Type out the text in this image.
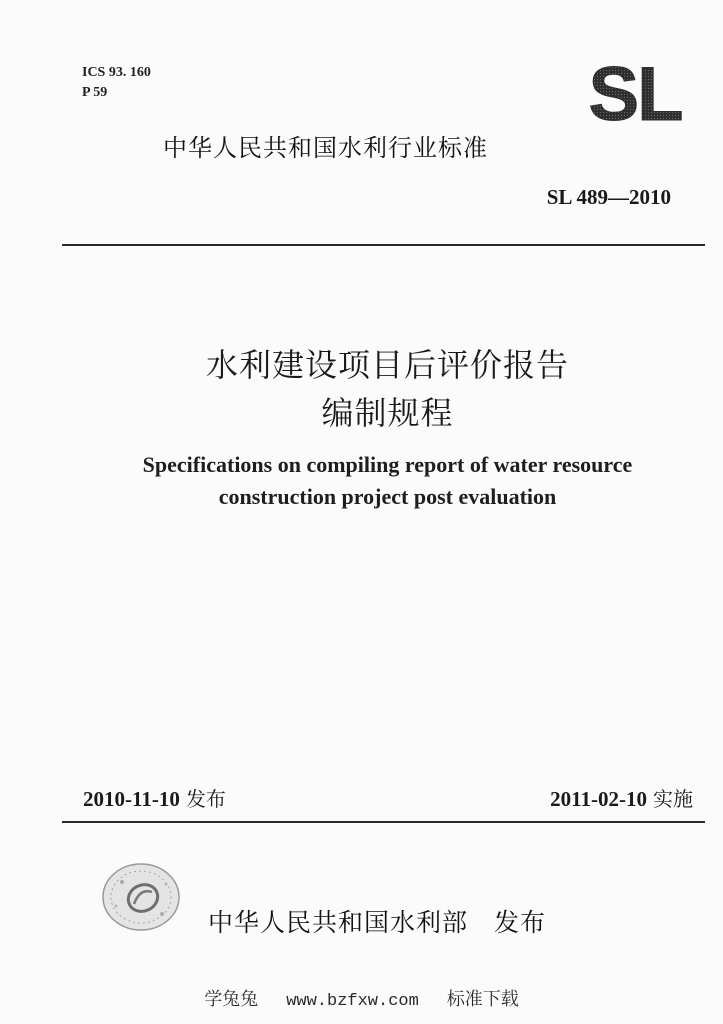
ICS 93. 160
P 59	SL
中华人民共和国水利行业标准
SL 489—2010
水利建设项目后评价报告
编制规程
Specifications on compiling report of water resource
construction project post evaluation
2010-11-10 发布	2011-02-10 实施
中华人民共和国水利部 发布
学兔兔 www.bzfxw.com 标准下载
